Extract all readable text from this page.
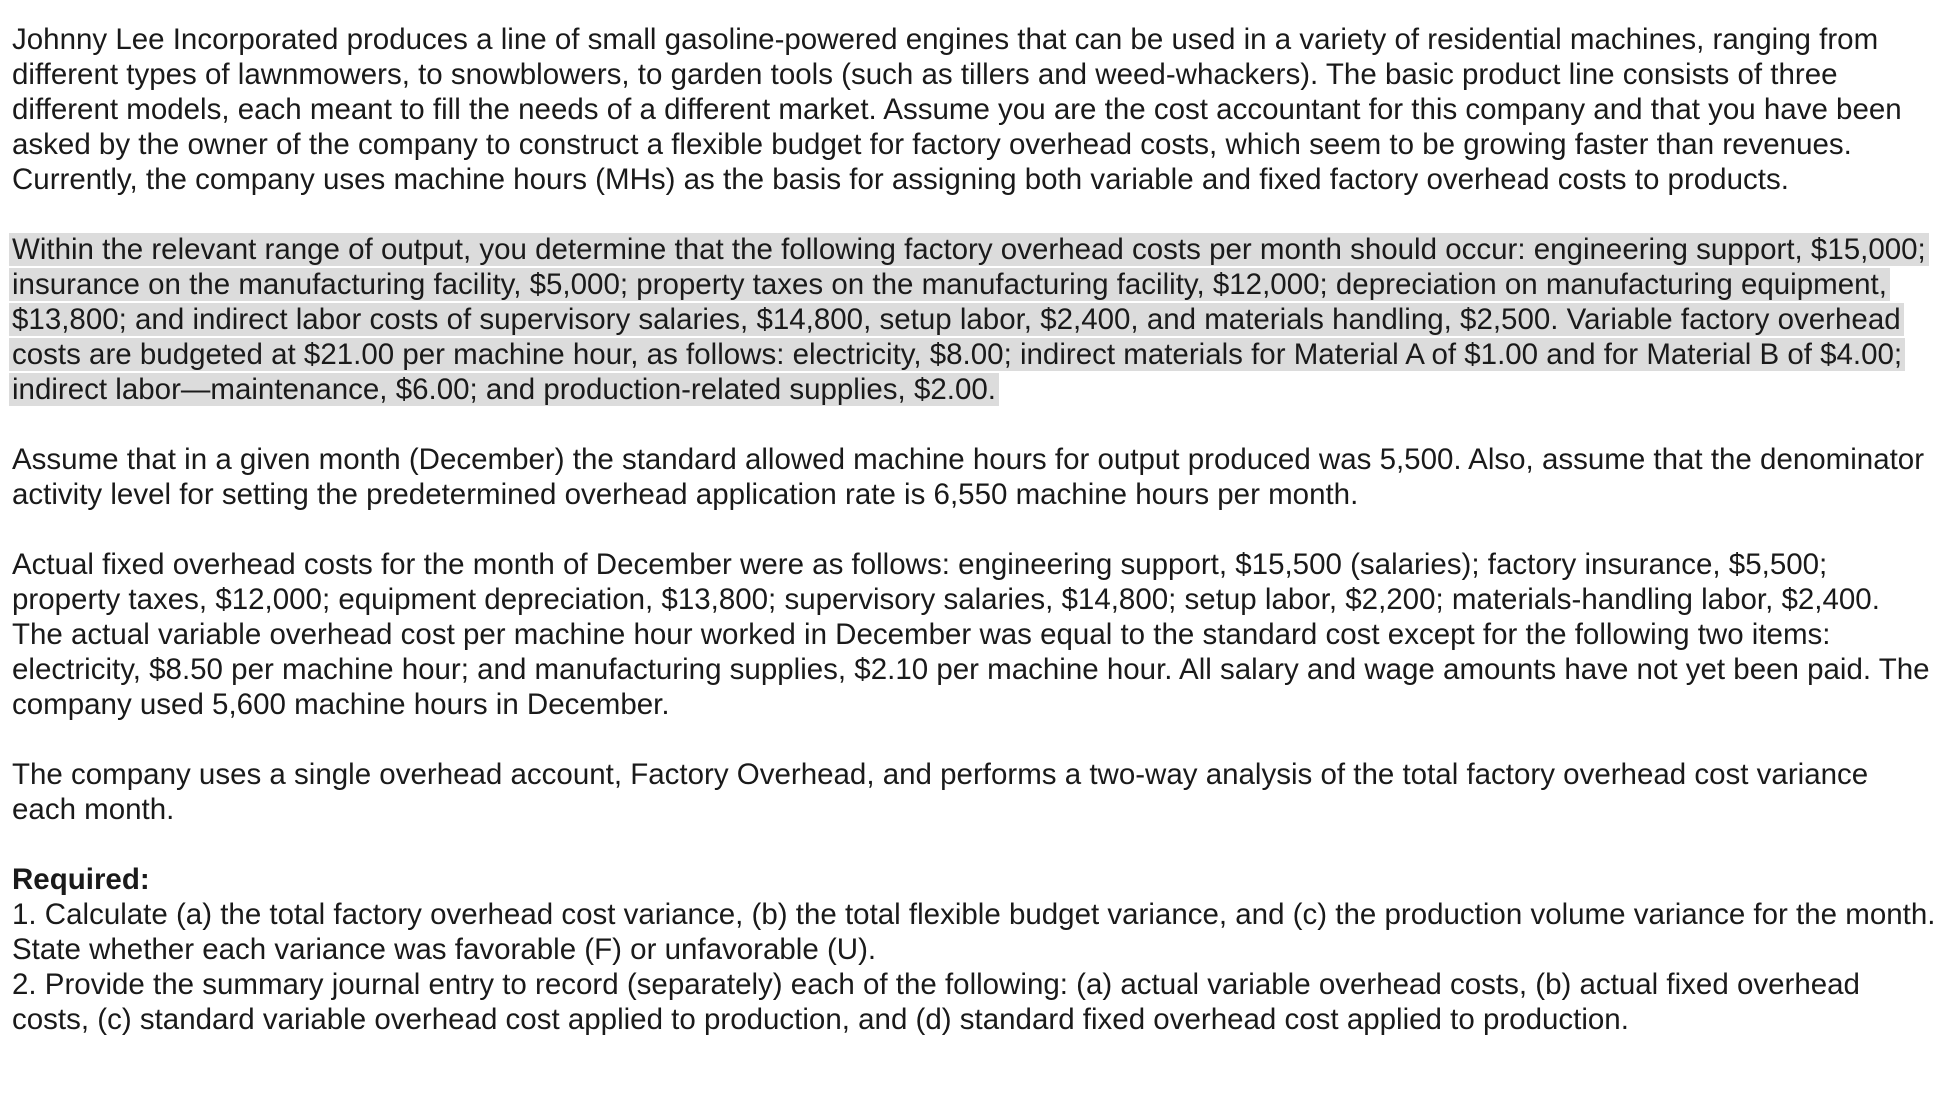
Johnny Lee Incorporated produces a line of small gasoline-powered engines that can be used in a variety of residential machines, ranging from different types of lawnmowers, to snowblowers, to garden tools (such as tillers and weed-whackers). The basic product line consists of three different models, each meant to fill the needs of a different market. Assume you are the cost accountant for this company and that you have been asked by the owner of the company to construct a flexible budget for factory overhead costs, which seem to be growing faster than revenues. Currently, the company uses machine hours (MHs) as the basis for assigning both variable and fixed factory overhead costs to products.

Within the relevant range of output, you determine that the following factory overhead costs per month should occur: engineering support, $15,000; insurance on the manufacturing facility, $5,000; property taxes on the manufacturing facility, $12,000; depreciation on manufacturing equipment, $13,800; and indirect labor costs of supervisory salaries, $14,800, setup labor, $2,400, and materials handling, $2,500. Variable factory overhead costs are budgeted at $21.00 per machine hour, as follows: electricity, $8.00; indirect materials for Material A of $1.00 and for Material B of $4.00; indirect labor—maintenance, $6.00; and production-related supplies, $2.00.

Assume that in a given month (December) the standard allowed machine hours for output produced was 5,500. Also, assume that the denominator activity level for setting the predetermined overhead application rate is 6,550 machine hours per month.

Actual fixed overhead costs for the month of December were as follows: engineering support, $15,500 (salaries); factory insurance, $5,500; property taxes, $12,000; equipment depreciation, $13,800; supervisory salaries, $14,800; setup labor, $2,200; materials-handling labor, $2,400. The actual variable overhead cost per machine hour worked in December was equal to the standard cost except for the following two items: electricity, $8.50 per machine hour; and manufacturing supplies, $2.10 per machine hour. All salary and wage amounts have not yet been paid. The company used 5,600 machine hours in December.

The company uses a single overhead account, Factory Overhead, and performs a two-way analysis of the total factory overhead cost variance each month.

Required:

1. Calculate (a) the total factory overhead cost variance, (b) the total flexible budget variance, and (c) the production volume variance for the month. State whether each variance was favorable (F) or unfavorable (U).

2. Provide the summary journal entry to record (separately) each of the following: (a) actual variable overhead costs, (b) actual fixed overhead costs, (c) standard variable overhead cost applied to production, and (d) standard fixed overhead cost applied to production.
